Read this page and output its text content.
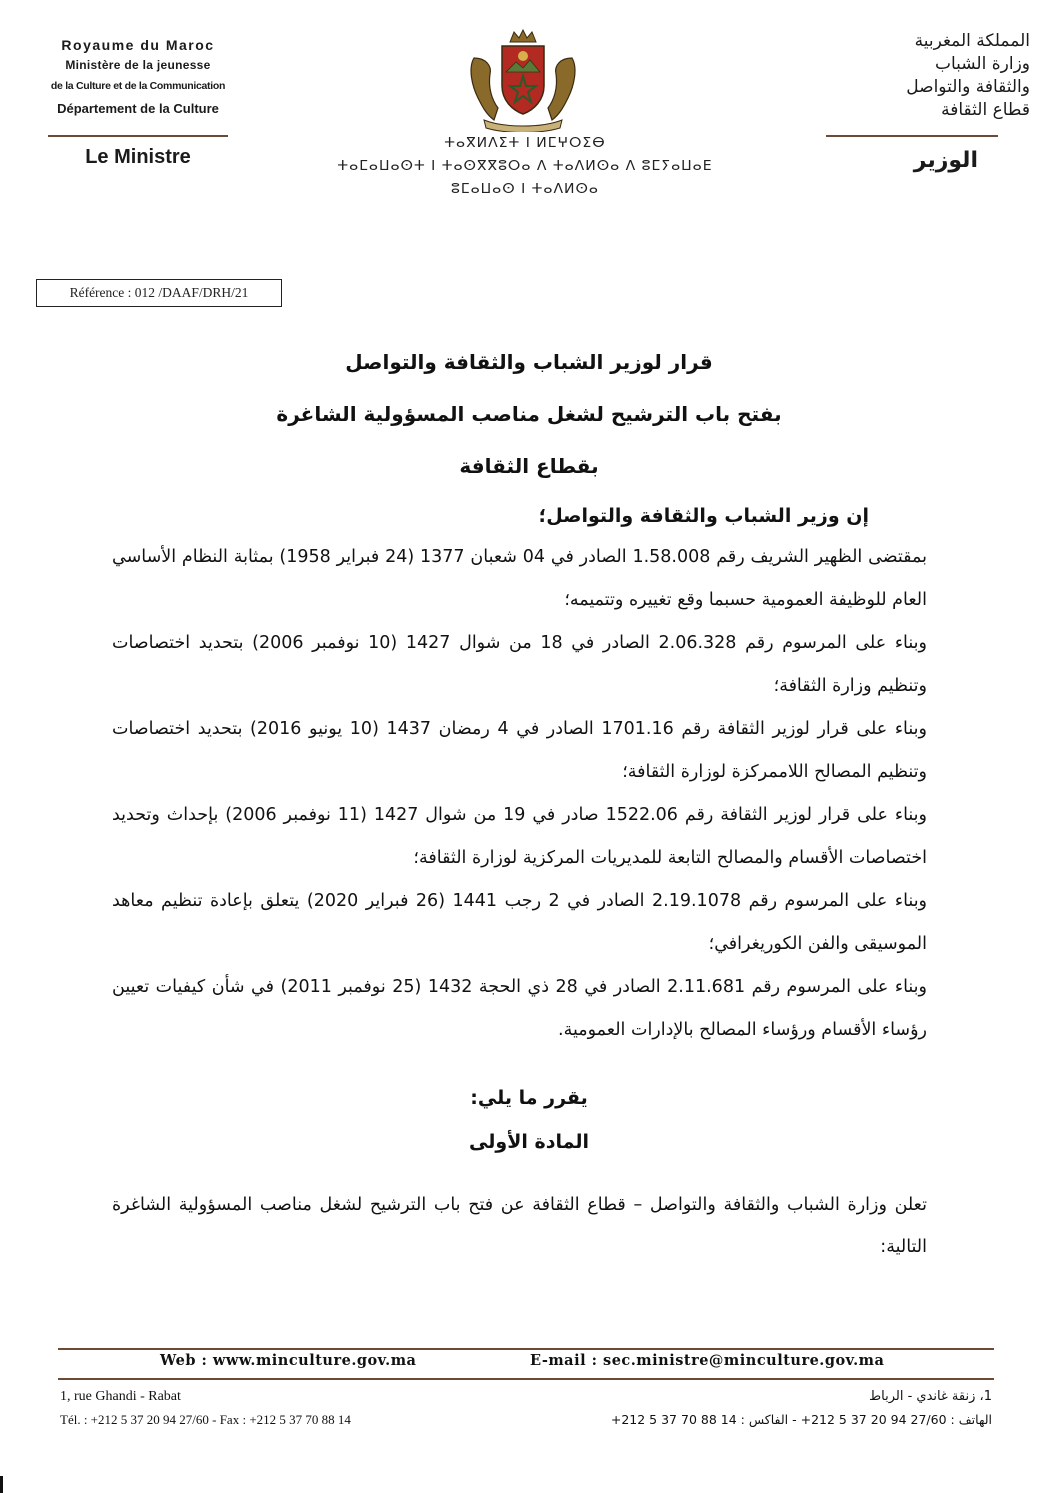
Royaume du Maroc
Ministère de la jeunesse
de la Culture et de la Communication
Département de la Culture
Le Ministre
ⵜⴰⴳⵍⴷⵉⵜ ⵏ ⵍⵎⵖⵔⵉⴱ
ⵜⴰⵎⴰⵡⴰⵙⵜ ⵏ ⵜⴰⵙⴳⴳⵓⵔⴰ ⴷ ⵜⴰⴷⵍⵙⴰ ⴷ ⵓⵎⵢⴰⵡⴰⴹ
ⵓⵎⴰⵡⴰⵙ ⵏ ⵜⴰⴷⵍⵙⴰ
المملكة المغربية
وزارة الشباب
والثقافة والتواصل
قطاع الثقافة
الوزير
Référence : 012 /DAAF/DRH/21
قرار لوزير الشباب والثقافة والتواصل
بفتح باب الترشيح لشغل مناصب المسؤولية الشاغرة
بقطاع الثقافة
إن وزير الشباب والثقافة والتواصل؛
بمقتضى الظهير الشريف رقم 1.58.008 الصادر في 04 شعبان 1377 (24 فبراير 1958) بمثابة النظام الأساسي العام للوظيفة العمومية حسبما وقع تغييره وتتميمه؛
وبناء على المرسوم رقم 2.06.328 الصادر في 18 من شوال 1427 (10 نوفمبر 2006) بتحديد اختصاصات وتنظيم وزارة الثقافة؛
وبناء على قرار لوزير الثقافة رقم 1701.16 الصادر في 4 رمضان 1437 (10 يونيو 2016) بتحديد اختصاصات وتنظيم المصالح اللاممركزة لوزارة الثقافة؛
وبناء على قرار لوزير الثقافة رقم 1522.06 صادر في 19 من شوال 1427 (11 نوفمبر 2006) بإحداث وتحديد اختصاصات الأقسام والمصالح التابعة للمديريات المركزية لوزارة الثقافة؛
وبناء على المرسوم رقم 2.19.1078 الصادر في 2 رجب 1441 (26 فبراير 2020) يتعلق بإعادة تنظيم معاهد الموسيقى والفن الكوريغرافي؛
وبناء على المرسوم رقم 2.11.681 الصادر في 28 ذي الحجة 1432 (25 نوفمبر 2011) في شأن كيفيات تعيين رؤساء الأقسام ورؤساء المصالح بالإدارات العمومية.
يقرر ما يلي:
المادة الأولى
تعلن وزارة الشباب والثقافة والتواصل – قطاع الثقافة عن فتح باب الترشيح لشغل مناصب المسؤولية الشاغرة التالية:
Web : www.minculture.gov.ma	E-mail : sec.ministre@minculture.gov.ma
1, rue Ghandi - Rabat
Tél. : +212 5 37 20 94 27/60 - Fax : +212 5 37 70 88 14
1، زنقة غاندي - الرباط
الهاتف : 27/60 94 20 37 5 212+ - الفاكس : 14 88 70 37 5 212+
